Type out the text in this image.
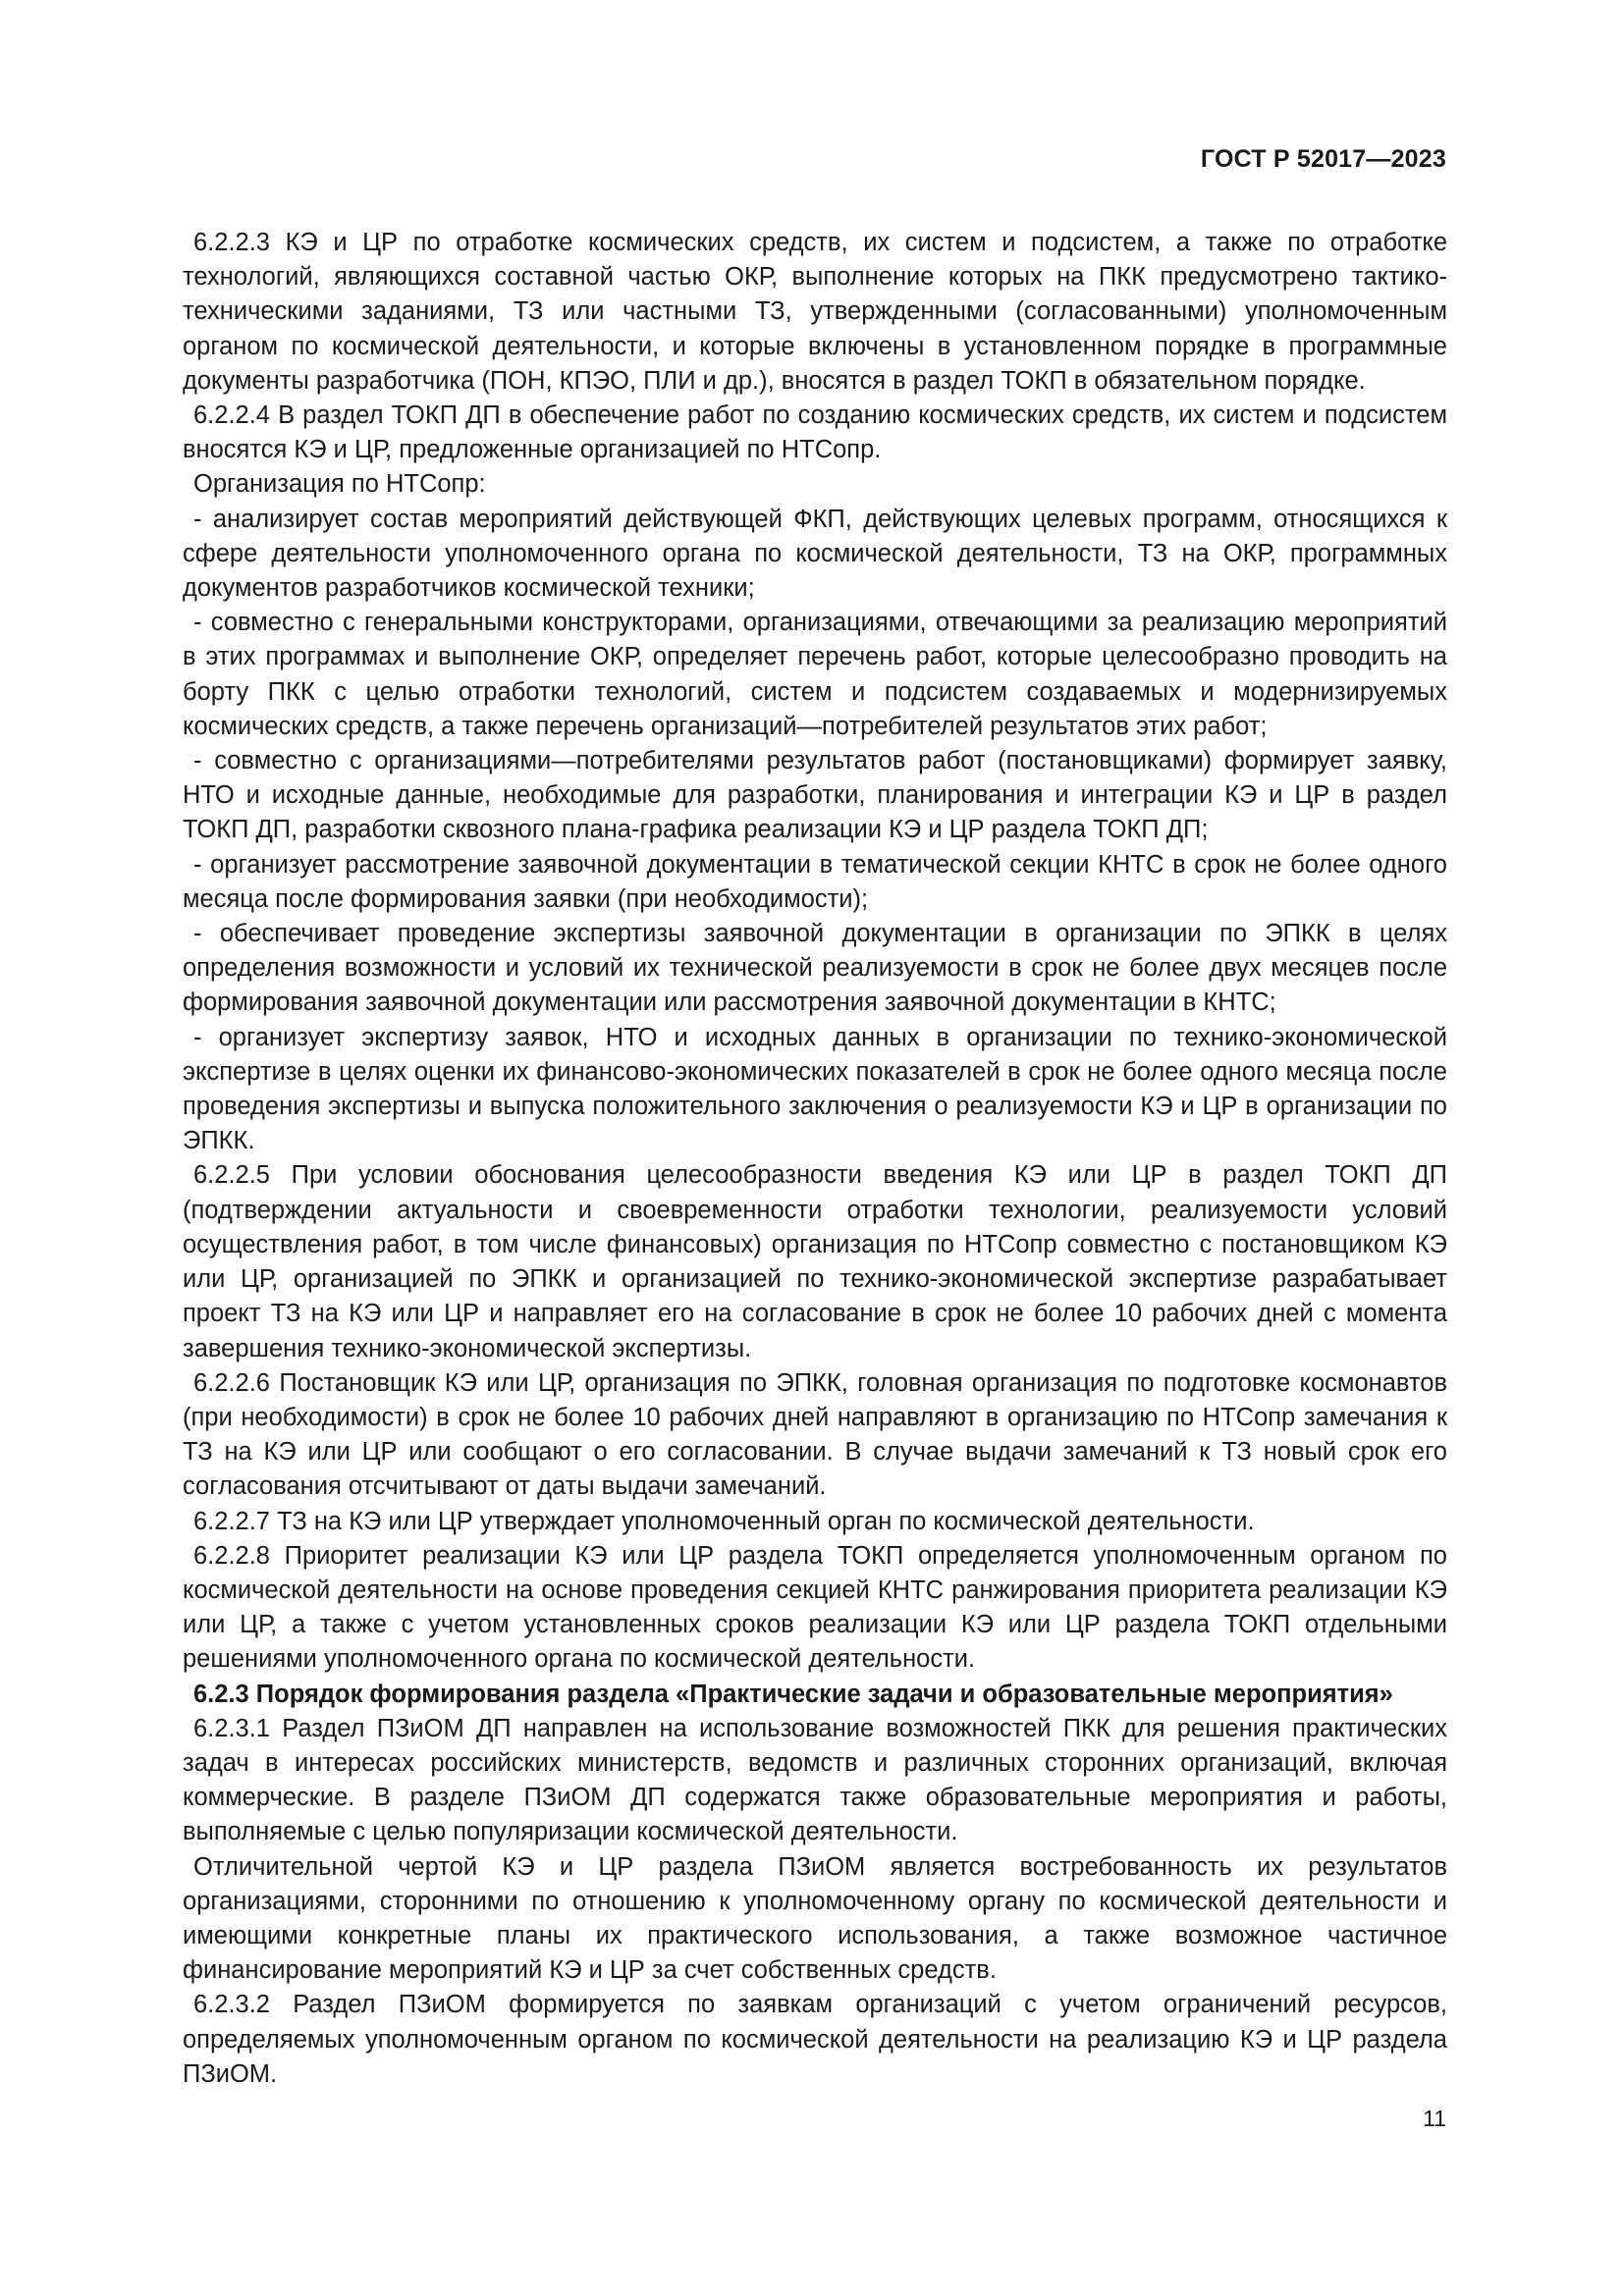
ГОСТ Р 52017—2023

6.2.2.3 КЭ и ЦР по отработке космических средств, их систем и подсистем, а также по отработке технологий, являющихся составной частью ОКР, выполнение которых на ПКК предусмотрено тактико-техническими заданиями, ТЗ или частными ТЗ, утвержденными (согласованными) уполномоченным органом по космической деятельности, и которые включены в установленном порядке в программные документы разработчика (ПОН, КПЭО, ПЛИ и др.), вносятся в раздел ТОКП в обязательном порядке.

6.2.2.4 В раздел ТОКП ДП в обеспечение работ по созданию космических средств, их систем и подсистем вносятся КЭ и ЦР, предложенные организацией по НТСопр.

Организация по НТСопр:

- анализирует состав мероприятий действующей ФКП, действующих целевых программ, относящихся к сфере деятельности уполномоченного органа по космической деятельности, ТЗ на ОКР, программных документов разработчиков космической техники;

- совместно с генеральными конструкторами, организациями, отвечающими за реализацию мероприятий в этих программах и выполнение ОКР, определяет перечень работ, которые целесообразно проводить на борту ПКК с целью отработки технологий, систем и подсистем создаваемых и модернизируемых космических средств, а также перечень организаций—потребителей результатов этих работ;

- совместно с организациями—потребителями результатов работ (постановщиками) формирует заявку, НТО и исходные данные, необходимые для разработки, планирования и интеграции КЭ и ЦР в раздел ТОКП ДП, разработки сквозного плана-графика реализации КЭ и ЦР раздела ТОКП ДП;

- организует рассмотрение заявочной документации в тематической секции КНТС в срок не более одного месяца после формирования заявки (при необходимости);

- обеспечивает проведение экспертизы заявочной документации в организации по ЭПКК в целях определения возможности и условий их технической реализуемости в срок не более двух месяцев после формирования заявочной документации или рассмотрения заявочной документации в КНТС;

- организует экспертизу заявок, НТО и исходных данных в организации по технико-экономической экспертизе в целях оценки их финансово-экономических показателей в срок не более одного месяца после проведения экспертизы и выпуска положительного заключения о реализуемости КЭ и ЦР в организации по ЭПКК.

6.2.2.5 При условии обоснования целесообразности введения КЭ или ЦР в раздел ТОКП ДП (подтверждении актуальности и своевременности отработки технологии, реализуемости условий осуществления работ, в том числе финансовых) организация по НТСопр совместно с постановщиком КЭ или ЦР, организацией по ЭПКК и организацией по технико-экономической экспертизе разрабатывает проект ТЗ на КЭ или ЦР и направляет его на согласование в срок не более 10 рабочих дней с момента завершения технико-экономической экспертизы.

6.2.2.6 Постановщик КЭ или ЦР, организация по ЭПКК, головная организация по подготовке космонавтов (при необходимости) в срок не более 10 рабочих дней направляют в организацию по НТСопр замечания к ТЗ на КЭ или ЦР или сообщают о его согласовании. В случае выдачи замечаний к ТЗ новый срок его согласования отсчитывают от даты выдачи замечаний.

6.2.2.7 ТЗ на КЭ или ЦР утверждает уполномоченный орган по космической деятельности.

6.2.2.8 Приоритет реализации КЭ или ЦР раздела ТОКП определяется уполномоченным органом по космической деятельности на основе проведения секцией КНТС ранжирования приоритета реализации КЭ или ЦР, а также с учетом установленных сроков реализации КЭ или ЦР раздела ТОКП отдельными решениями уполномоченного органа по космической деятельности.

6.2.3 Порядок формирования раздела «Практические задачи и образовательные мероприятия»

6.2.3.1 Раздел ПЗиОМ ДП направлен на использование возможностей ПКК для решения практических задач в интересах российских министерств, ведомств и различных сторонних организаций, включая коммерческие. В разделе ПЗиОМ ДП содержатся также образовательные мероприятия и работы, выполняемые с целью популяризации космической деятельности.

Отличительной чертой КЭ и ЦР раздела ПЗиОМ является востребованность их результатов организациями, сторонними по отношению к уполномоченному органу по космической деятельности и имеющими конкретные планы их практического использования, а также возможное частичное финансирование мероприятий КЭ и ЦР за счет собственных средств.

6.2.3.2 Раздел ПЗиОМ формируется по заявкам организаций с учетом ограничений ресурсов, определяемых уполномоченным органом по космической деятельности на реализацию КЭ и ЦР раздела ПЗиОМ.

11
